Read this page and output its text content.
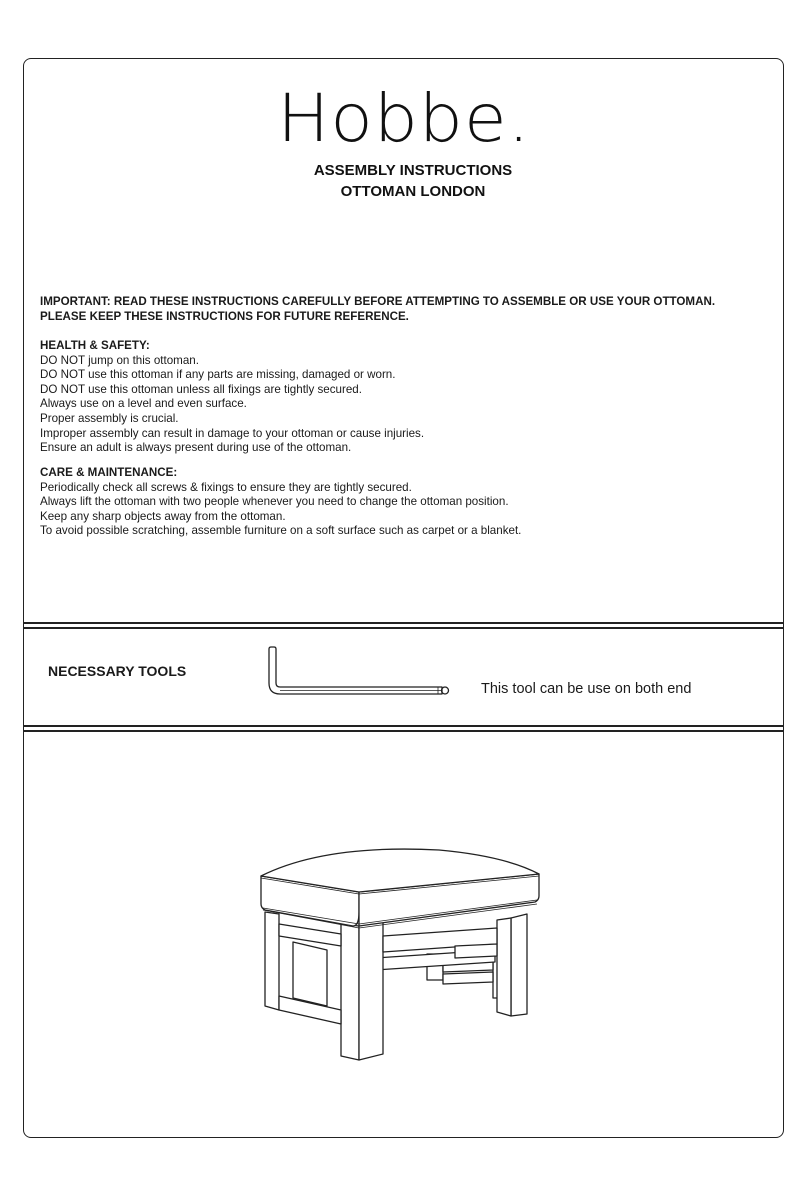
Hobbe.
ASSEMBLY INSTRUCTIONS
OTTOMAN LONDON
IMPORTANT: READ THESE INSTRUCTIONS CAREFULLY BEFORE ATTEMPTING TO ASSEMBLE OR USE YOUR OTTOMAN.
PLEASE KEEP THESE INSTRUCTIONS FOR FUTURE REFERENCE.
HEALTH & SAFETY:
DO NOT jump on this ottoman.
DO NOT use this ottoman if any parts are missing, damaged or worn.
DO NOT use this ottoman unless all fixings are tightly secured.
Always use on a level and even surface.
Proper assembly is crucial.
Improper assembly can result in damage to your ottoman or cause injuries.
Ensure an adult is always present during use of the ottoman.
CARE & MAINTENANCE:
Periodically check all screws & fixings to ensure they are tightly secured.
Always lift the ottoman with two people whenever you need to change the ottoman position.
Keep any sharp objects away from the ottoman.
To avoid possible scratching, assemble furniture on a soft surface such as carpet or a blanket.
NECESSARY TOOLS
This tool can be use on both end
